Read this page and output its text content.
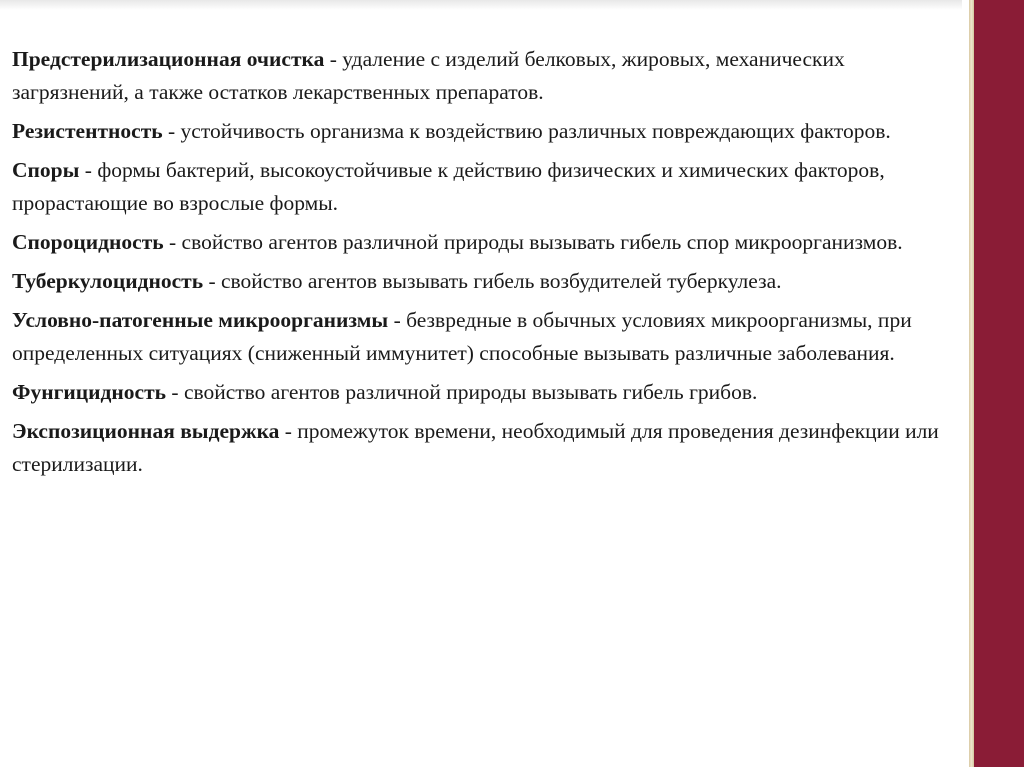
Предстерилизационная очистка - удаление с изделий белковых, жировых, механических загрязнений, а также остатков лекарственных препаратов.

Резистентность - устойчивость организма к воздействию различных повреждающих факторов.

Споры - формы бактерий, высокоустойчивые к действию физических и химических факторов, прорастающие во взрослые формы.

Спороцидность - свойство агентов различной природы вызывать гибель спор микроорганизмов.

Туберкулоцидность - свойство агентов вызывать гибель возбудителей туберкулеза.

Условно-патогенные микроорганизмы - безвредные в обычных условиях микроорганизмы, при определенных ситуациях (сниженный иммунитет) способные вызывать различные заболевания.

Фунгицидность - свойство агентов различной природы вызывать гибель грибов.

Экспозиционная выдержка - промежуток времени, необходимый для проведения дезинфекции или стерилизации.
